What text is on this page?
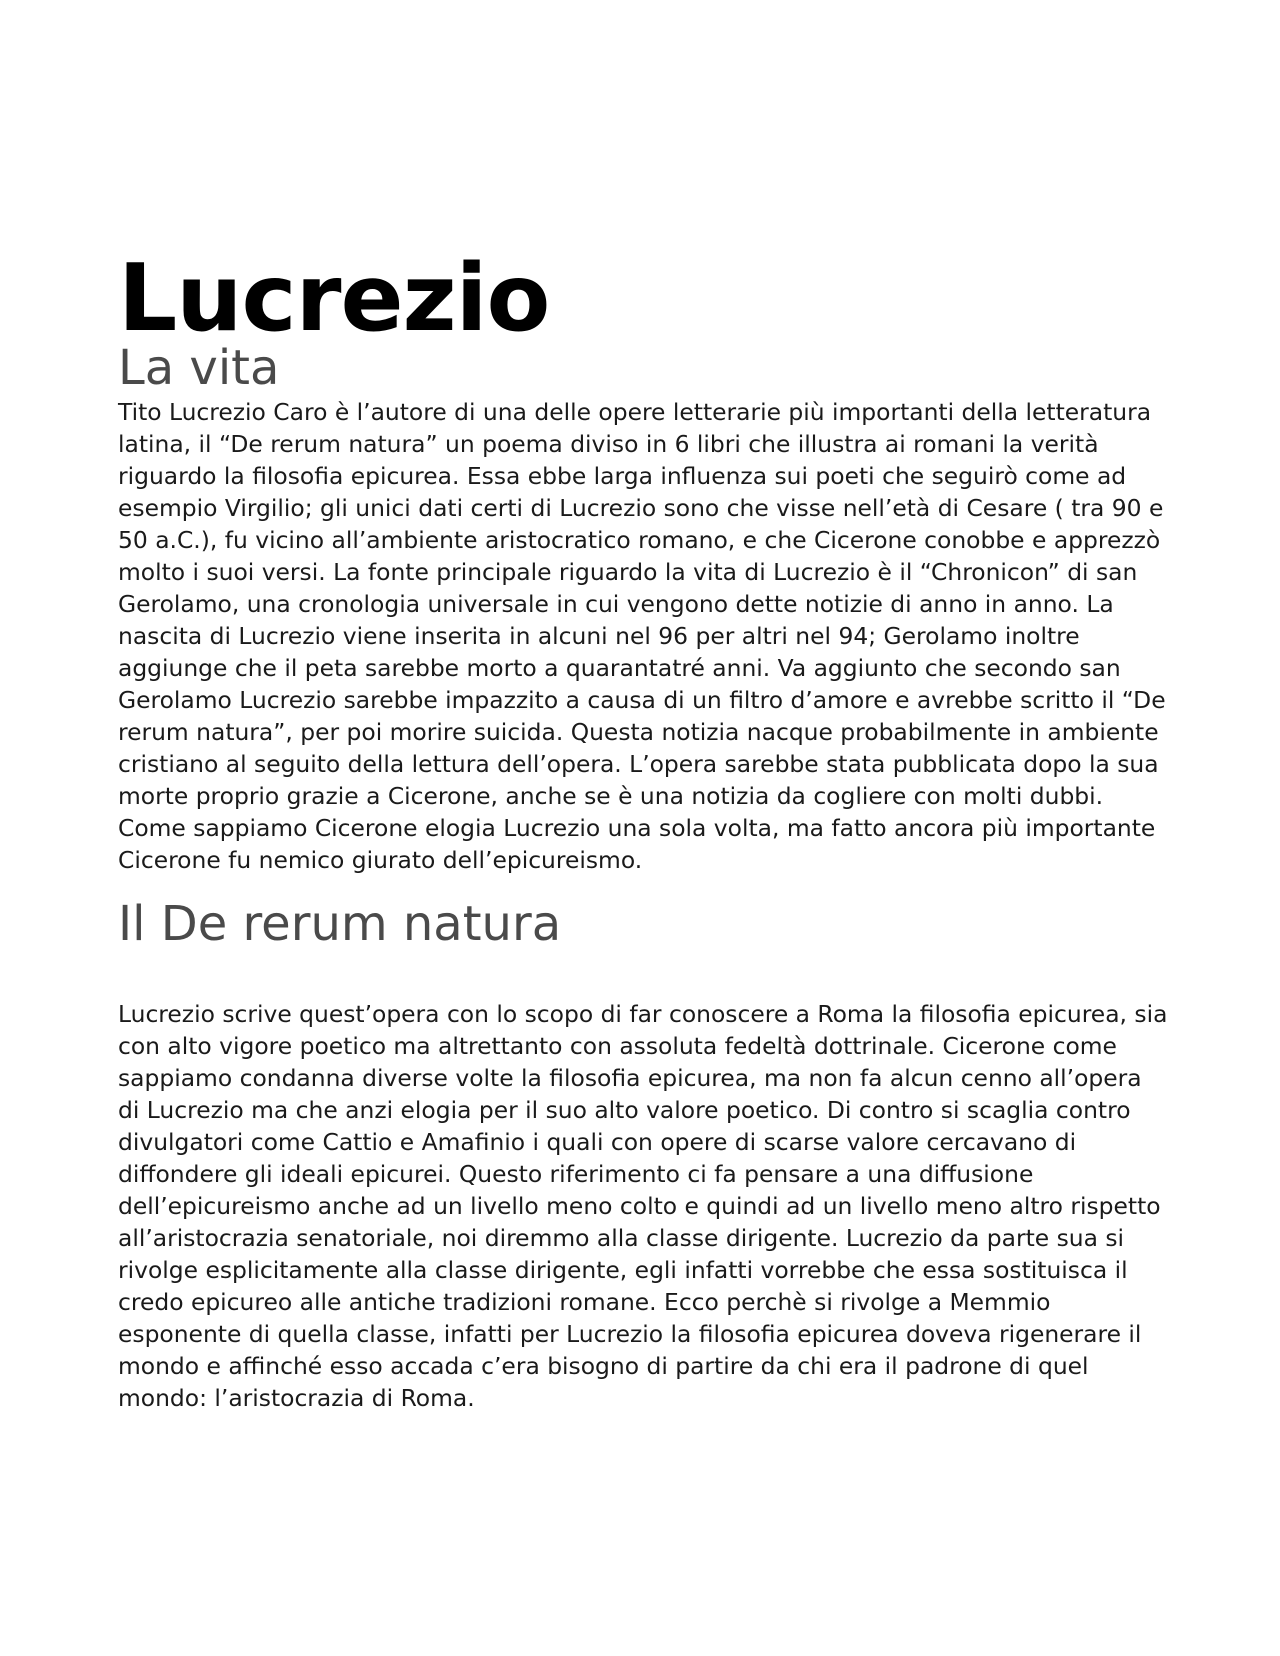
Lucrezio
La vita

Tito Lucrezio Caro è l’autore di una delle opere letterarie più importanti della letteratura latina, il “De rerum natura” un poema diviso in 6 libri che illustra ai romani la verità riguardo la filosofia epicurea. Essa ebbe larga influenza sui poeti che seguirò come ad esempio Virgilio; gli unici dati certi di Lucrezio sono che visse nell’età di Cesare ( tra 90 e 50 a.C.), fu vicino all’ambiente aristocratico romano, e che Cicerone conobbe e apprezzò molto i suoi versi. La fonte principale riguardo la vita di Lucrezio è il “Chronicon” di san Gerolamo, una cronologia universale in cui vengono dette notizie di anno in anno. La nascita di Lucrezio viene inserita in alcuni nel 96 per altri nel 94; Gerolamo inoltre aggiunge che il peta sarebbe morto a quarantatré anni. Va aggiunto che secondo san Gerolamo Lucrezio sarebbe impazzito a causa di un filtro d’amore e avrebbe scritto il “De rerum natura”, per poi morire suicida. Questa notizia nacque probabilmente in ambiente cristiano al seguito della lettura dell’opera. L’opera sarebbe stata pubblicata dopo la sua morte proprio grazie a Cicerone, anche se è una notizia da cogliere con molti dubbi. Come sappiamo Cicerone elogia Lucrezio una sola volta, ma fatto ancora più importante Cicerone fu nemico giurato dell’epicureismo.

Il De rerum natura

Lucrezio scrive quest’opera con lo scopo di far conoscere a Roma la filosofia epicurea, sia con alto vigore poetico ma altrettanto con assoluta fedeltà dottrinale. Cicerone come sappiamo condanna diverse volte la filosofia epicurea, ma non fa alcun cenno all’opera di Lucrezio ma che anzi elogia per il suo alto valore poetico. Di contro si scaglia contro divulgatori come Cattio e Amafinio i quali con opere di scarse valore cercavano di diffondere gli ideali epicurei. Questo riferimento ci fa pensare a una diffusione dell’epicureismo anche ad un livello meno colto e quindi ad un livello meno altro rispetto all’aristocrazia senatoriale, noi diremmo alla classe dirigente. Lucrezio da parte sua si rivolge esplicitamente alla classe dirigente, egli infatti vorrebbe che essa sostituisca il credo epicureo alle antiche tradizioni romane. Ecco perchè si rivolge a Memmio esponente di quella classe, infatti per Lucrezio la filosofia epicurea doveva rigenerare il mondo e affinché esso accada c’era bisogno di partire da chi era il padrone di quel mondo: l’aristocrazia di Roma.
